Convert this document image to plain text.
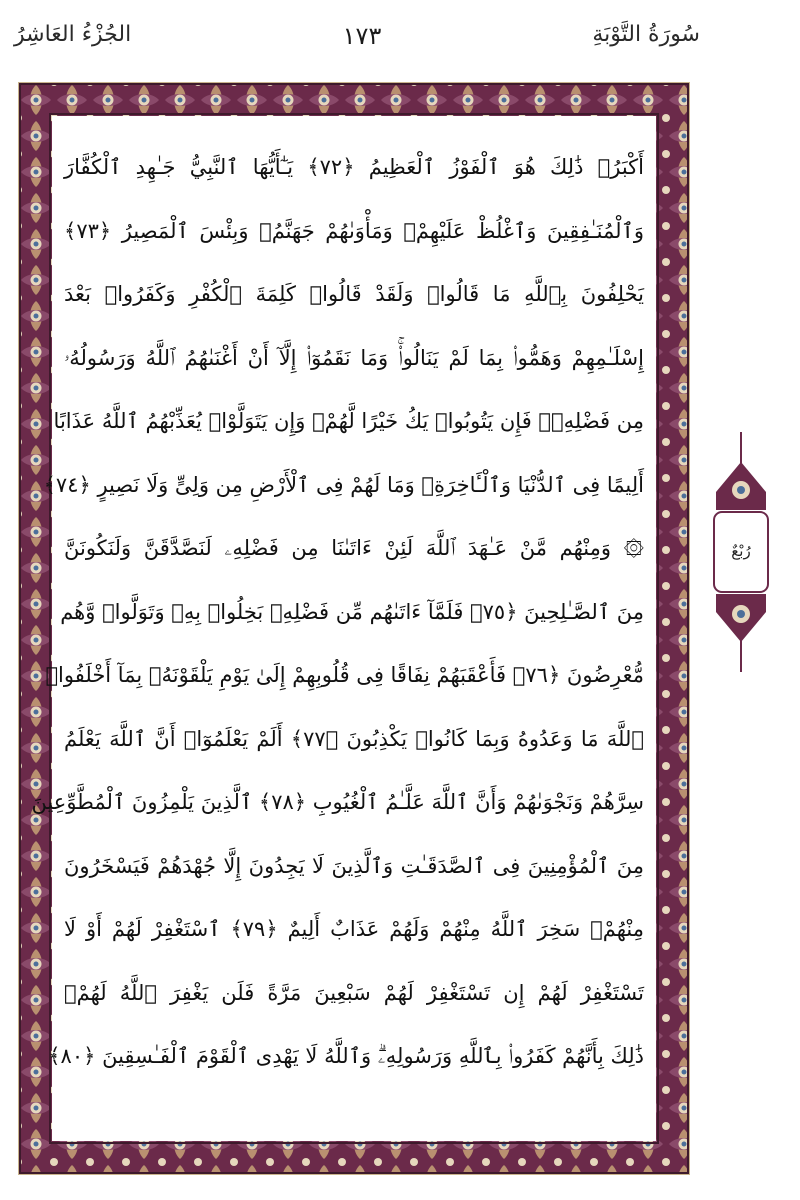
الجُزْءُ العَاشِرُ	١٧٣	سُورَةُ التَّوْبَةِ
أَكْبَرُۚ ذَٰلِكَ هُوَ ٱلْفَوْزُ ٱلْعَظِيمُ ﴿٧٢﴾ يَـٰٓأَيُّهَا ٱلنَّبِيُّ جَـٰهِدِ ٱلْكُفَّارَ
وَٱلْمُنَـٰفِقِينَ وَٱغْلُظْ عَلَيْهِمْۚ وَمَأْوَىٰهُمْ جَهَنَّمُۖ وَبِئْسَ ٱلْمَصِيرُ ﴿٧٣﴾
يَحْلِفُونَ بِٱللَّهِ مَا قَالُوا۟ وَلَقَدْ قَالُوا۟ كَلِمَةَ ٱلْكُفْرِ وَكَفَرُوا۟ بَعْدَ
إِسْلَـٰمِهِمْ وَهَمُّوا۟ بِمَا لَمْ يَنَالُوا۟ۚ وَمَا نَقَمُوٓا۟ إِلَّآ أَنْ أَغْنَىٰهُمُ ٱللَّهُ وَرَسُولُهُۥ
مِن فَضْلِهِۦۚ فَإِن يَتُوبُوا۟ يَكُ خَيْرًا لَّهُمْۖ وَإِن يَتَوَلَّوْا۟ يُعَذِّبْهُمُ ٱللَّهُ عَذَابًا
أَلِيمًا فِى ٱلدُّنْيَا وَٱلْـَٔاخِرَةِۚ وَمَا لَهُمْ فِى ٱلْأَرْضِ مِن وَلِىٍّ وَلَا نَصِيرٍ ﴿٧٤﴾
۞ وَمِنْهُم مَّنْ عَـٰهَدَ ٱللَّهَ لَئِنْ ءَاتَىٰنَا مِن فَضْلِهِۦ لَنَصَّدَّقَنَّ وَلَنَكُونَنَّ
مِنَ ٱلصَّـٰلِحِينَ ﴿٧٥﴾ فَلَمَّآ ءَاتَىٰهُم مِّن فَضْلِهِۦ بَخِلُوا۟ بِهِۦ وَتَوَلَّوا۟ وَّهُم
مُّعْرِضُونَ ﴿٧٦﴾ فَأَعْقَبَهُمْ نِفَاقًا فِى قُلُوبِهِمْ إِلَىٰ يَوْمِ يَلْقَوْنَهُۥ بِمَآ أَخْلَفُوا۟
ٱللَّهَ مَا وَعَدُوهُ وَبِمَا كَانُوا۟ يَكْذِبُونَ ﴿٧٧﴾ أَلَمْ يَعْلَمُوٓا۟ أَنَّ ٱللَّهَ يَعْلَمُ
سِرَّهُمْ وَنَجْوَىٰهُمْ وَأَنَّ ٱللَّهَ عَلَّـٰمُ ٱلْغُيُوبِ ﴿٧٨﴾ ٱلَّذِينَ يَلْمِزُونَ ٱلْمُطَّوِّعِينَ
مِنَ ٱلْمُؤْمِنِينَ فِى ٱلصَّدَقَـٰتِ وَٱلَّذِينَ لَا يَجِدُونَ إِلَّا جُهْدَهُمْ فَيَسْخَرُونَ
مِنْهُمْۙ سَخِرَ ٱللَّهُ مِنْهُمْ وَلَهُمْ عَذَابٌ أَلِيمٌ ﴿٧٩﴾ ٱسْتَغْفِرْ لَهُمْ أَوْ لَا
تَسْتَغْفِرْ لَهُمْ إِن تَسْتَغْفِرْ لَهُمْ سَبْعِينَ مَرَّةً فَلَن يَغْفِرَ ٱللَّهُ لَهُمْۚ
ذَٰلِكَ بِأَنَّهُمْ كَفَرُوا۟ بِٱللَّهِ وَرَسُولِهِۦۗ وَٱللَّهُ لَا يَهْدِى ٱلْقَوْمَ ٱلْفَـٰسِقِينَ ﴿٨٠﴾
رُبْعٌ
